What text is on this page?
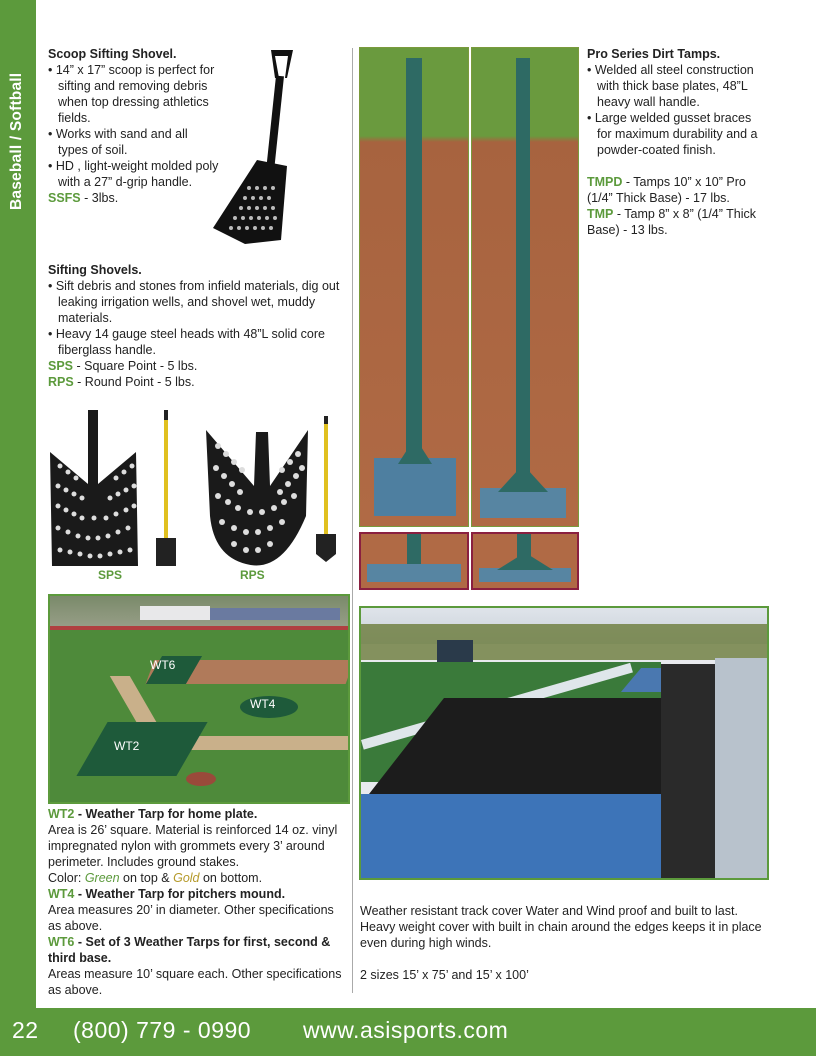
Baseball / Softball

Scoop Sifting Shovel.

• 14” x 17” scoop is perfect for sifting and removing debris when top dressing athletics fields.

• Works with sand and all types of soil.

• HD , light-weight molded poly with a 27” d-grip handle.

SSFS - 3lbs.

Sifting Shovels.

• Sift debris and stones from infield materials, dig out leaking irrigation wells, and shovel wet, muddy materials.

• Heavy 14 gauge steel heads with 48”L solid core fiberglass handle.

SPS - Square Point - 5 lbs.

RPS - Round Point - 5 lbs.

SPS	RPS

Pro Series Dirt Tamps.

• Welded all steel construction with thick base plates, 48”L heavy wall handle.

• Large welded gusset braces for maximum durability and a powder-coated finish.

TMPD - Tamps 10” x 10” Pro (1/4” Thick Base) - 17 lbs.

TMP - Tamp 8” x 8” (1/4” Thick Base) - 13 lbs.

WT6
WT4
WT2

WT2 - Weather Tarp for home plate.

Area is 26’ square. Material is reinforced 14 oz. vinyl impregnated nylon with grommets every 3’ around perimeter. Includes ground stakes.

Color: Green on top & Gold on bottom.

WT4 - Weather Tarp for pitchers mound.

Area measures 20’ in diameter. Other specifications as above.

WT6 - Set of 3 Weather Tarps for first, second & third base.

Areas measure 10’ square each. Other specifications as above.

Weather resistant track cover Water and Wind proof and built to last. Heavy weight cover with built in chain around the edges keeps it in place even during high winds.

2 sizes 15’ x 75’ and 15’ x 100’

22 (800) 779 - 0990 www.asisports.com
